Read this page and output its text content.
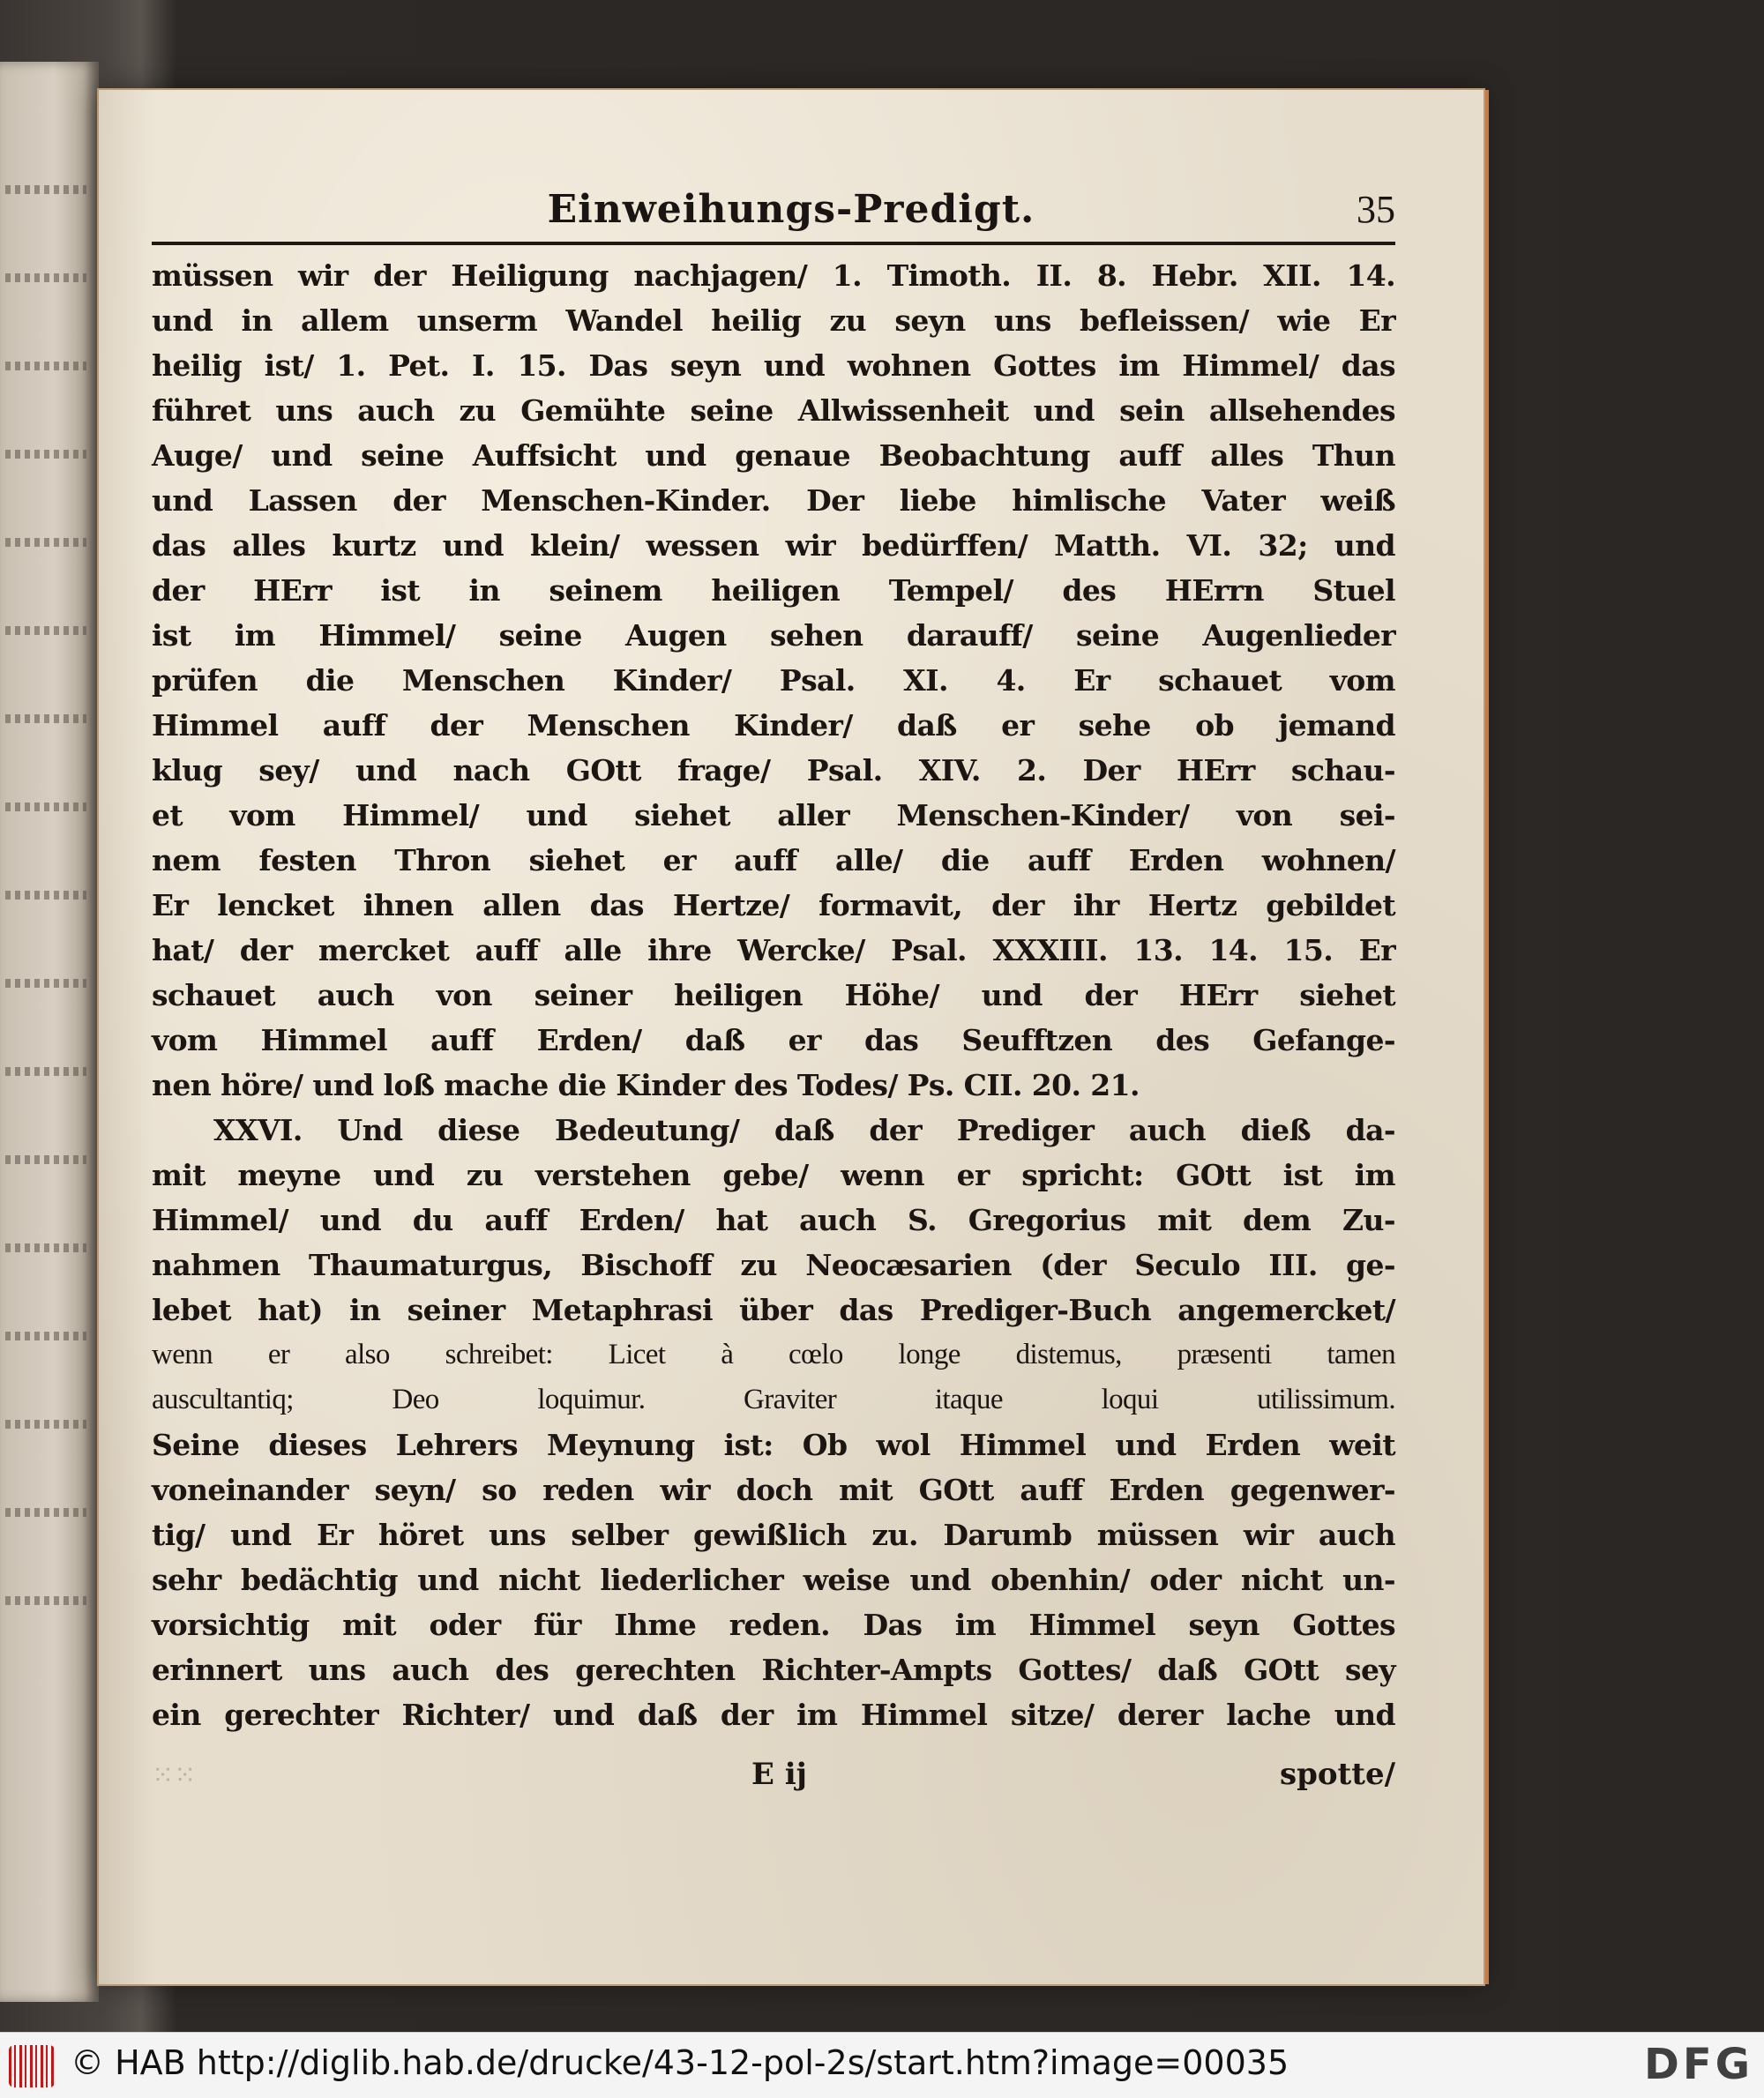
Einweihungs-Predigt.	35
müssen wir der Heiligung nachjagen/ 1. Timoth. II. 8. Hebr. XII. 14.
und in allem unserm Wandel heilig zu seyn uns befleissen/ wie Er
heilig ist/ 1. Pet. I. 15. Das seyn und wohnen Gottes im Himmel/ das
führet uns auch zu Gemühte seine Allwissenheit und sein allsehendes
Auge/ und seine Auffsicht und genaue Beobachtung auff alles Thun
und Lassen der Menschen-Kinder. Der liebe himlische Vater weiß
das alles kurtz und klein/ wessen wir bedürffen/ Matth. VI. 32; und
der HErr ist in seinem heiligen Tempel/ des HErrn Stuel
ist im Himmel/ seine Augen sehen darauff/ seine Augenlieder
prüfen die Menschen Kinder/ Psal. XI. 4. Er schauet vom
Himmel auff der Menschen Kinder/ daß er sehe ob jemand
klug sey/ und nach GOtt frage/ Psal. XIV. 2. Der HErr schau-
et vom Himmel/ und siehet aller Menschen-Kinder/ von sei-
nem festen Thron siehet er auff alle/ die auff Erden wohnen/
Er lencket ihnen allen das Hertze/ formavit, der ihr Hertz gebildet
hat/ der mercket auff alle ihre Wercke/ Psal. XXXIII. 13. 14. 15. Er
schauet auch von seiner heiligen Höhe/ und der HErr siehet
vom Himmel auff Erden/ daß er das Seufftzen des Gefange-
nen höre/ und loß mache die Kinder des Todes/ Ps. CII. 20. 21.
XXVI. Und diese Bedeutung/ daß der Prediger auch dieß da-
mit meyne und zu verstehen gebe/ wenn er spricht: GOtt ist im
Himmel/ und du auff Erden/ hat auch S. Gregorius mit dem Zu-
nahmen Thaumaturgus, Bischoff zu Neocæsarien (der Seculo III. ge-
lebet hat) in seiner Metaphrasi über das Prediger-Buch angemercket/
wenn er also schreibet: Licet à cœlo longe distemus, præsenti tamen
auscultantiq; Deo loquimur. Graviter itaque loqui utilissimum.
Seine dieses Lehrers Meynung ist: Ob wol Himmel und Erden weit
voneinander seyn/ so reden wir doch mit GOtt auff Erden gegenwer-
tig/ und Er höret uns selber gewißlich zu. Darumb müssen wir auch
sehr bedächtig und nicht liederlicher weise und obenhin/ oder nicht un-
vorsichtig mit oder für Ihme reden. Das im Himmel seyn Gottes
erinnert uns auch des gerechten Richter-Ampts Gottes/ daß GOtt sey
ein gerechter Richter/ und daß der im Himmel sitze/ derer lache und
⁙⁙	E ij	spotte/
© HAB http://diglib.hab.de/drucke/43-12-pol-2s/start.htm?image=00035	DFG
